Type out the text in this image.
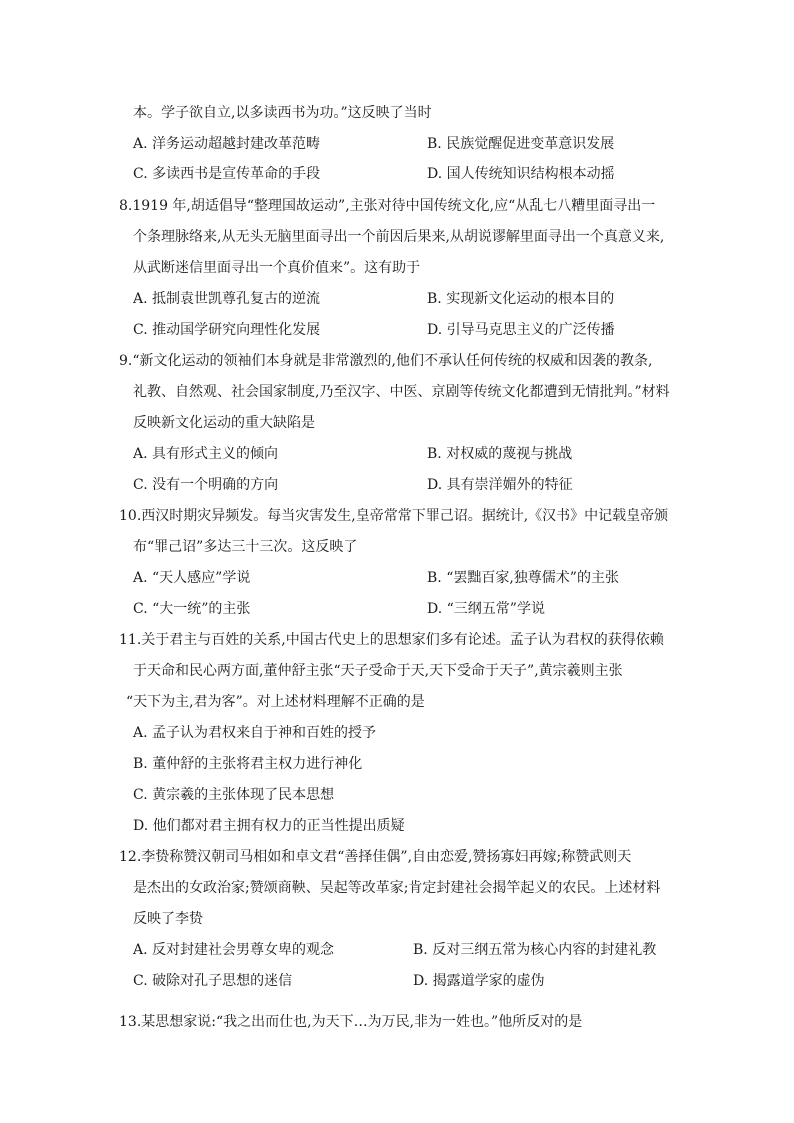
本。学子欲自立,以多读西书为功。”这反映了当时
A. 洋务运动超越封建改革范畴	B. 民族觉醒促进变革意识发展
C. 多读西书是宣传革命的手段	D. 国人传统知识结构根本动摇
8.1919 年,胡适倡导“整理国故运动”,主张对待中国传统文化,应“从乱七八糟里面寻出一
个条理脉络来,从无头无脑里面寻出一个前因后果来,从胡说谬解里面寻出一个真意义来,
从武断迷信里面寻出一个真价值来”。这有助于
A. 抵制袁世凯尊孔复古的逆流	B. 实现新文化运动的根本目的
C. 推动国学研究向理性化发展	D. 引导马克思主义的广泛传播
9.“新文化运动的领袖们本身就是非常激烈的,他们不承认任何传统的权威和因袭的教条,
礼教、自然观、社会国家制度,乃至汉字、中医、京剧等传统文化都遭到无情批判。”材料
反映新文化运动的重大缺陷是
A. 具有形式主义的倾向	B. 对权威的蔑视与挑战
C. 没有一个明确的方向	D. 具有崇洋媚外的特征
10.西汉时期灾异频发。每当灾害发生,皇帝常常下罪己诏。据统计,《汉书》中记载皇帝颁
布“罪己诏”多达三十三次。这反映了
A. “天人感应”学说	B. “罢黜百家,独尊儒术”的主张
C. “大一统”的主张	D. “三纲五常”学说
11.关于君主与百姓的关系,中国古代史上的思想家们多有论述。孟子认为君权的获得依赖
于天命和民心两方面,董仲舒主张“天子受命于天,天下受命于天子”,黄宗羲则主张
“天下为主,君为客”。对上述材料理解不正确的是
A. 孟子认为君权来自于神和百姓的授予
B. 董仲舒的主张将君主权力进行神化
C. 黄宗羲的主张体现了民本思想
D. 他们都对君主拥有权力的正当性提出质疑
12.李贽称赞汉朝司马相如和卓文君“善择佳偶”,自由恋爱,赞扬寡妇再嫁;称赞武则天
是杰出的女政治家;赞颂商鞅、吴起等改革家;肯定封建社会揭竿起义的农民。上述材料
反映了李贽
A. 反对封建社会男尊女卑的观念	B. 反对三纲五常为核心内容的封建礼教
C. 破除对孔子思想的迷信	D. 揭露道学家的虚伪
13.某思想家说:“我之出而仕也,为天下…为万民,非为一姓也。”他所反对的是
